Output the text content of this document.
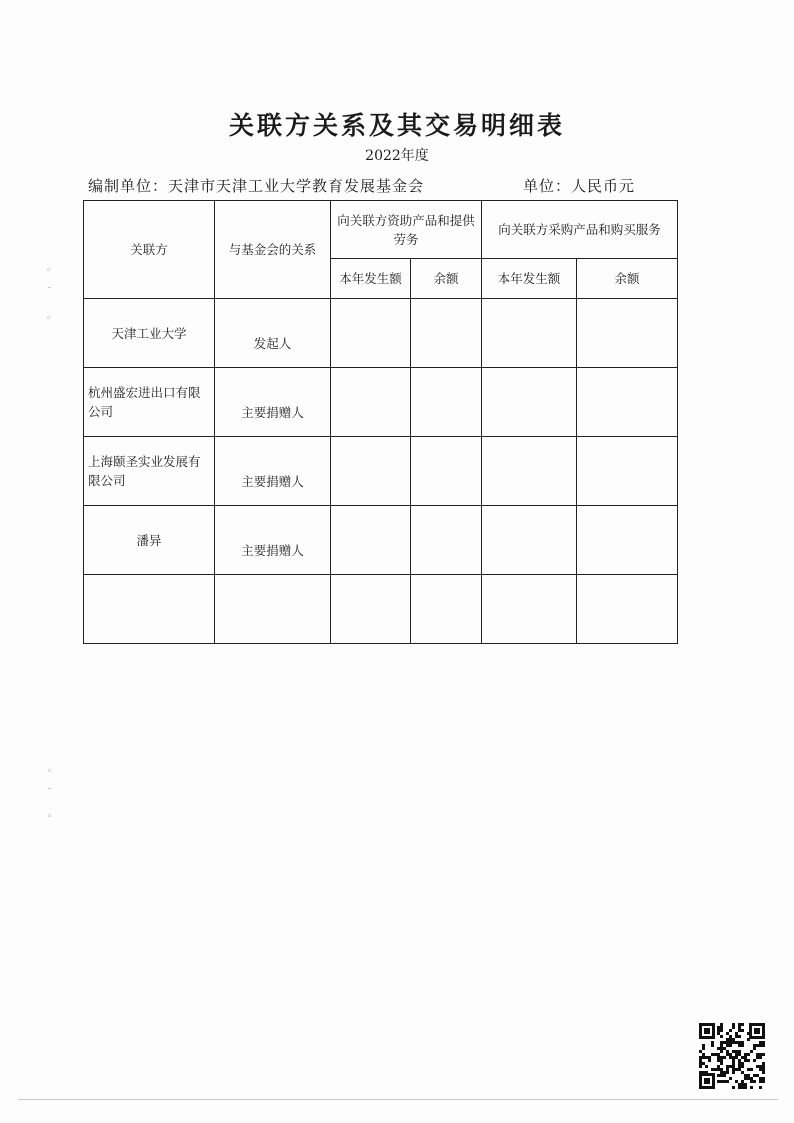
关联方关系及其交易明细表
2022年度
编制单位：天津市天津工业大学教育发展基金会	单位：人民币元
关联方	与基金会的关系	向关联方资助产品和提供劳务		向关联方采购产品和购买服务	
		本年发生额	余额	本年发生额	余额
天津工业大学	发起人				
杭州盛宏进出口有限公司	主要捐赠人				
上海颐圣实业发展有限公司	主要捐赠人				
潘异	主要捐赠人				

◦
⁻
◦
◦
⁻
◦
